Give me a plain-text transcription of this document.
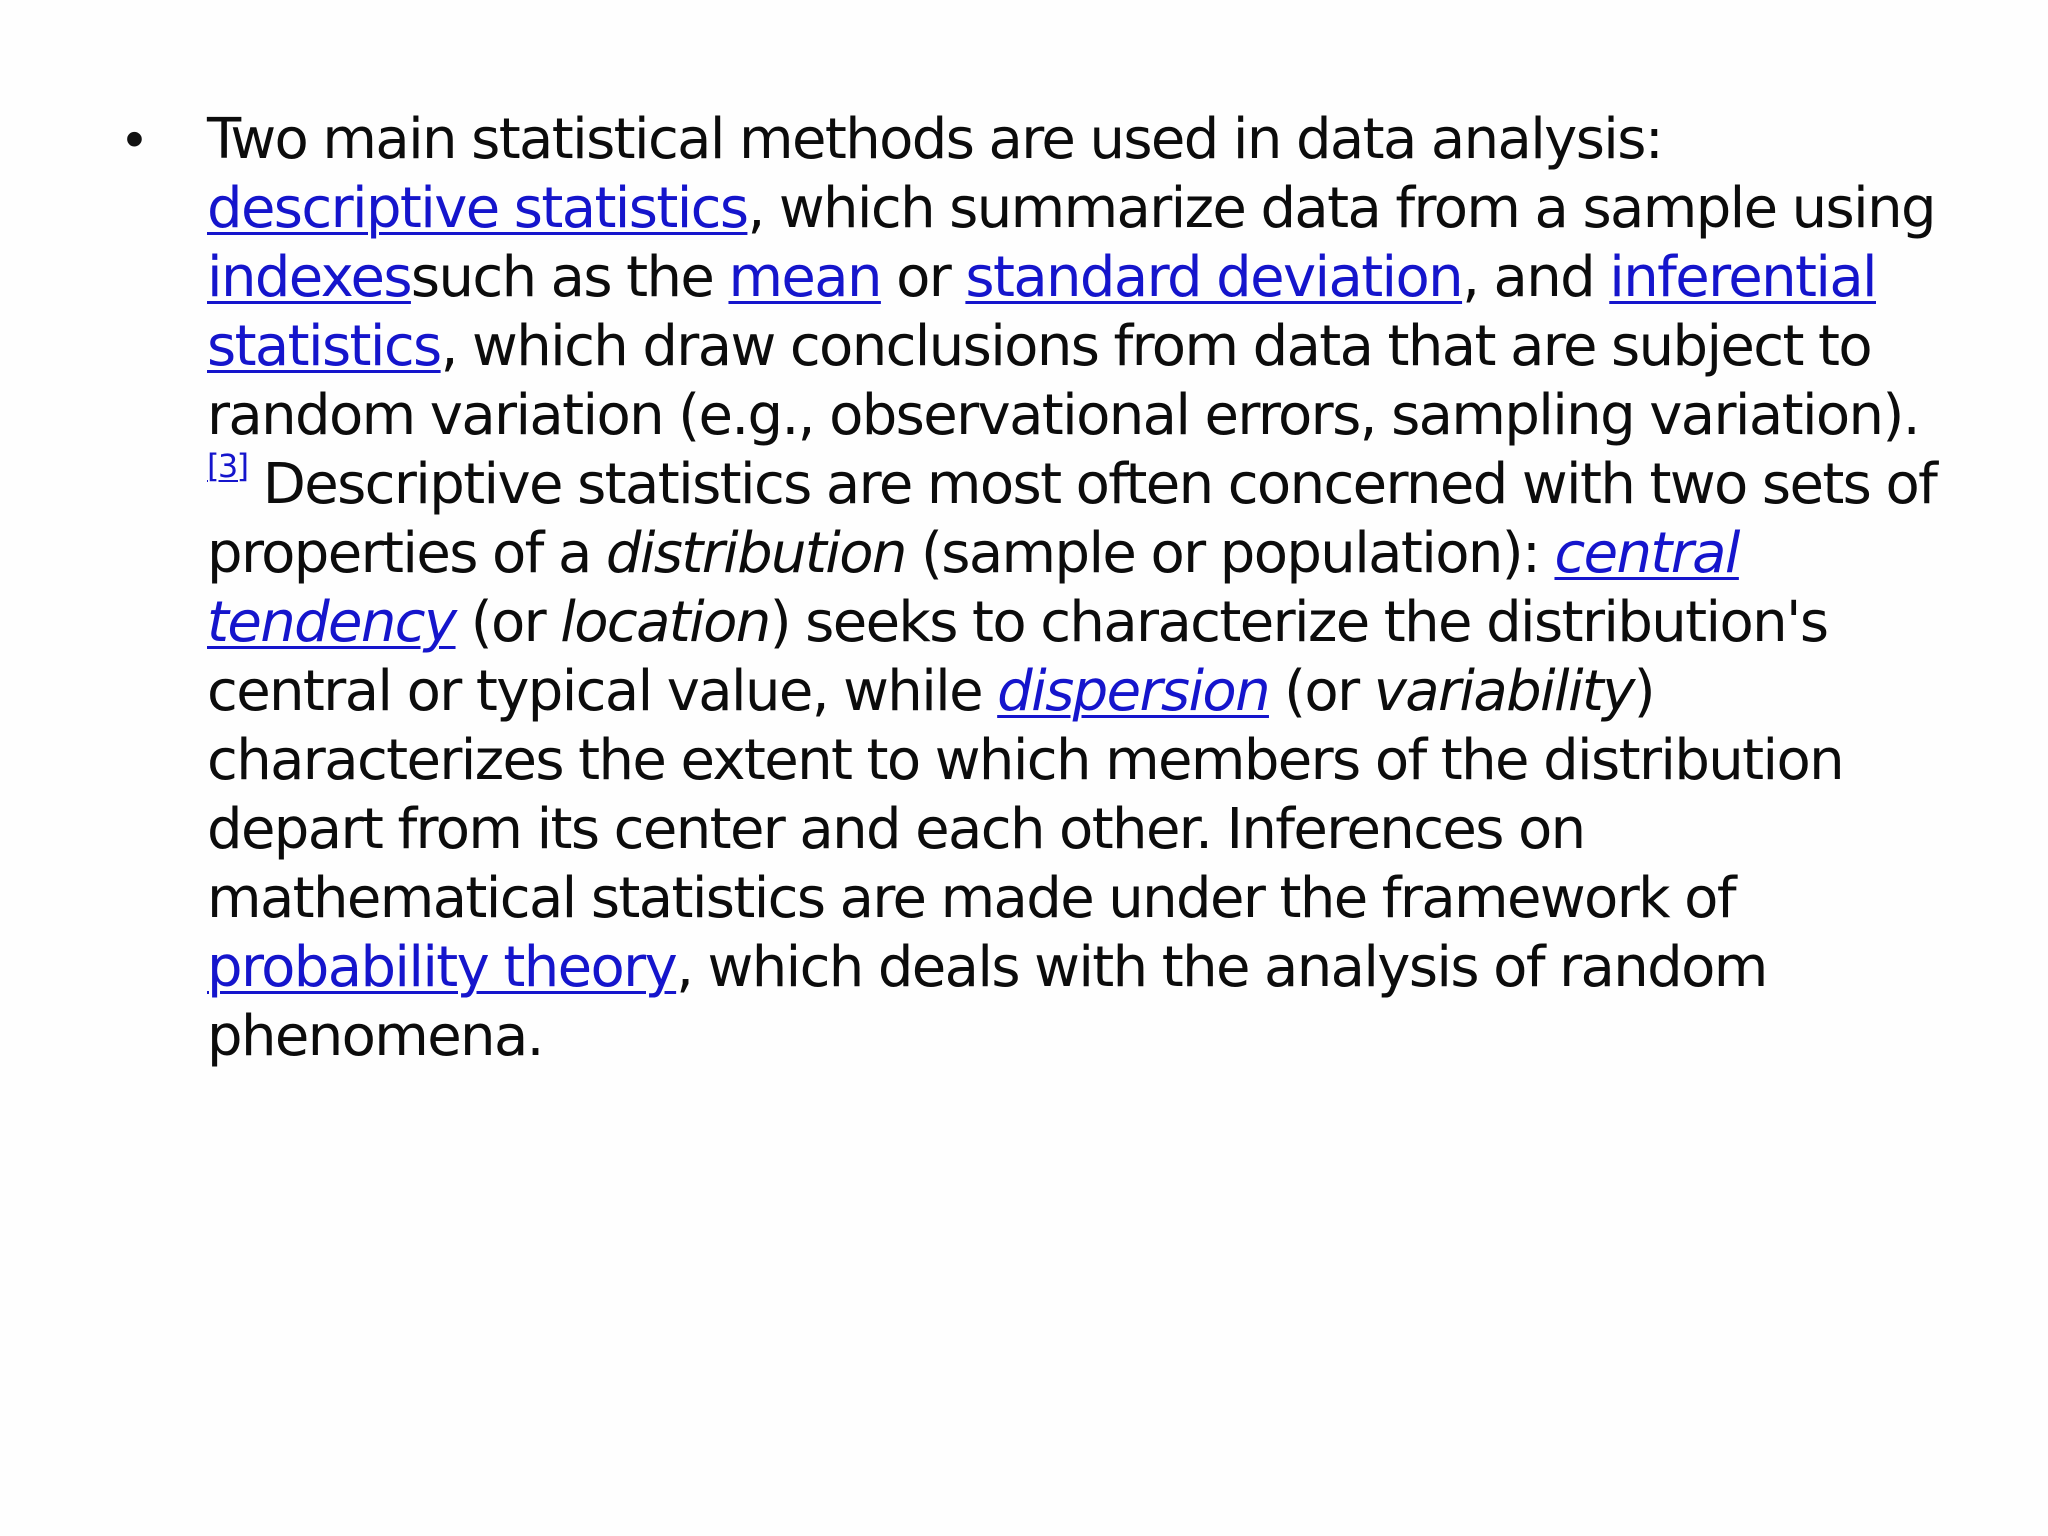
•	Two main statistical methods are used in data analysis: descriptive statistics, which summarize data from a sample using indexessuch as the mean or standard deviation, and inferential statistics, which draw conclusions from data that are subject to random variation (e.g., observational errors, sampling variation).[3] Descriptive statistics are most often concerned with two sets of properties of a distribution (sample or population): central tendency (or location) seeks to characterize the distribution's central or typical value, while dispersion (or variability) characterizes the extent to which members of the distribution depart from its center and each other. Inferences on mathematical statistics are made under the framework of probability theory, which deals with the analysis of random phenomena.
